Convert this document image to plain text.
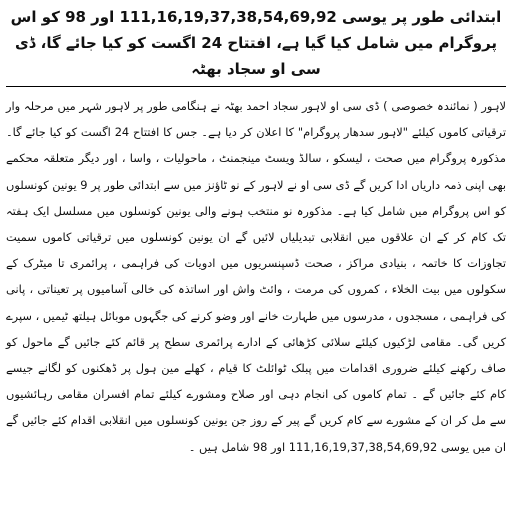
ابتدائی طور پر یوسی 111,16,19,37,38,54,69,92 اور 98 کو اس پروگرام میں شامل کیا گیا ہے، افتتاح 24 اگست کو کیا جائے گا، ڈی سی او سجاد بھٹہ

لاہور ( نمائندہ خصوصی ) ڈی سی او لاہور سجاد احمد بھٹہ نے ہنگامی طور پر لاہور شہر میں مرحلہ وار ترقیاتی کاموں کیلئے "لاہور سدھار پروگرام" کا اعلان کر دیا ہے۔ جس کا افتتاح 24 اگست کو کیا جائے گا۔ مذکورہ پروگرام میں صحت ، لیسکو ، سالڈ ویسٹ مینجمنٹ ، ماحولیات ، واسا ، اور دیگر متعلقہ محکمے بھی اپنی ذمہ داریاں ادا کریں گے ڈی سی او نے لاہور کے نو ٹاؤنز میں سے ابتدائی طور پر 9 یونین کونسلوں کو اس پروگرام میں شامل کیا ہے۔ مذکورہ نو منتخب ہونے والی یونین کونسلوں میں مسلسل ایک ہفتہ تک کام کر کے ان علاقوں میں انقلابی تبدیلیاں لائیں گے ان یونین کونسلوں میں ترقیاتی کاموں سمیت تجاوزات کا خاتمہ ، بنیادی مراکز ، صحت ڈسپنسریوں میں ادویات کی فراہمی ، پرائمری تا میٹرک کے سکولوں میں بیت الخلاء ، کمروں کی مرمت ، وائٹ واش اور اساتذہ کی خالی آسامیوں پر تعیناتی ، پانی کی فراہمی ، مسجدوں ، مدرسوں میں طہارت خانے اور وضو کرنے کی جگہوں موبائل ہیلتھ ٹیمیں ، سپرے کریں گی۔ مقامی لڑکیوں کیلئے سلائی کڑھائی کے ادارے پرائمری سطح پر قائم کئے جائیں گے ماحول کو صاف رکھنے کیلئے ضروری اقدامات میں پبلک ٹوائلٹ کا قیام ، کھلے مین ہول پر ڈھکنوں کو لگانے جیسے کام کئے جائیں گے ۔ تمام کاموں کی انجام دہی اور صلاح ومشورے کیلئے تمام افسران مقامی رہائشیوں سے مل کر ان کے مشورے سے کام کریں گے پیر کے روز جن یونین کونسلوں میں انقلابی اقدام کئے جائیں گے ان میں یوسی 111,16,19,37,38,54,69,92 اور 98 شامل ہیں ۔
